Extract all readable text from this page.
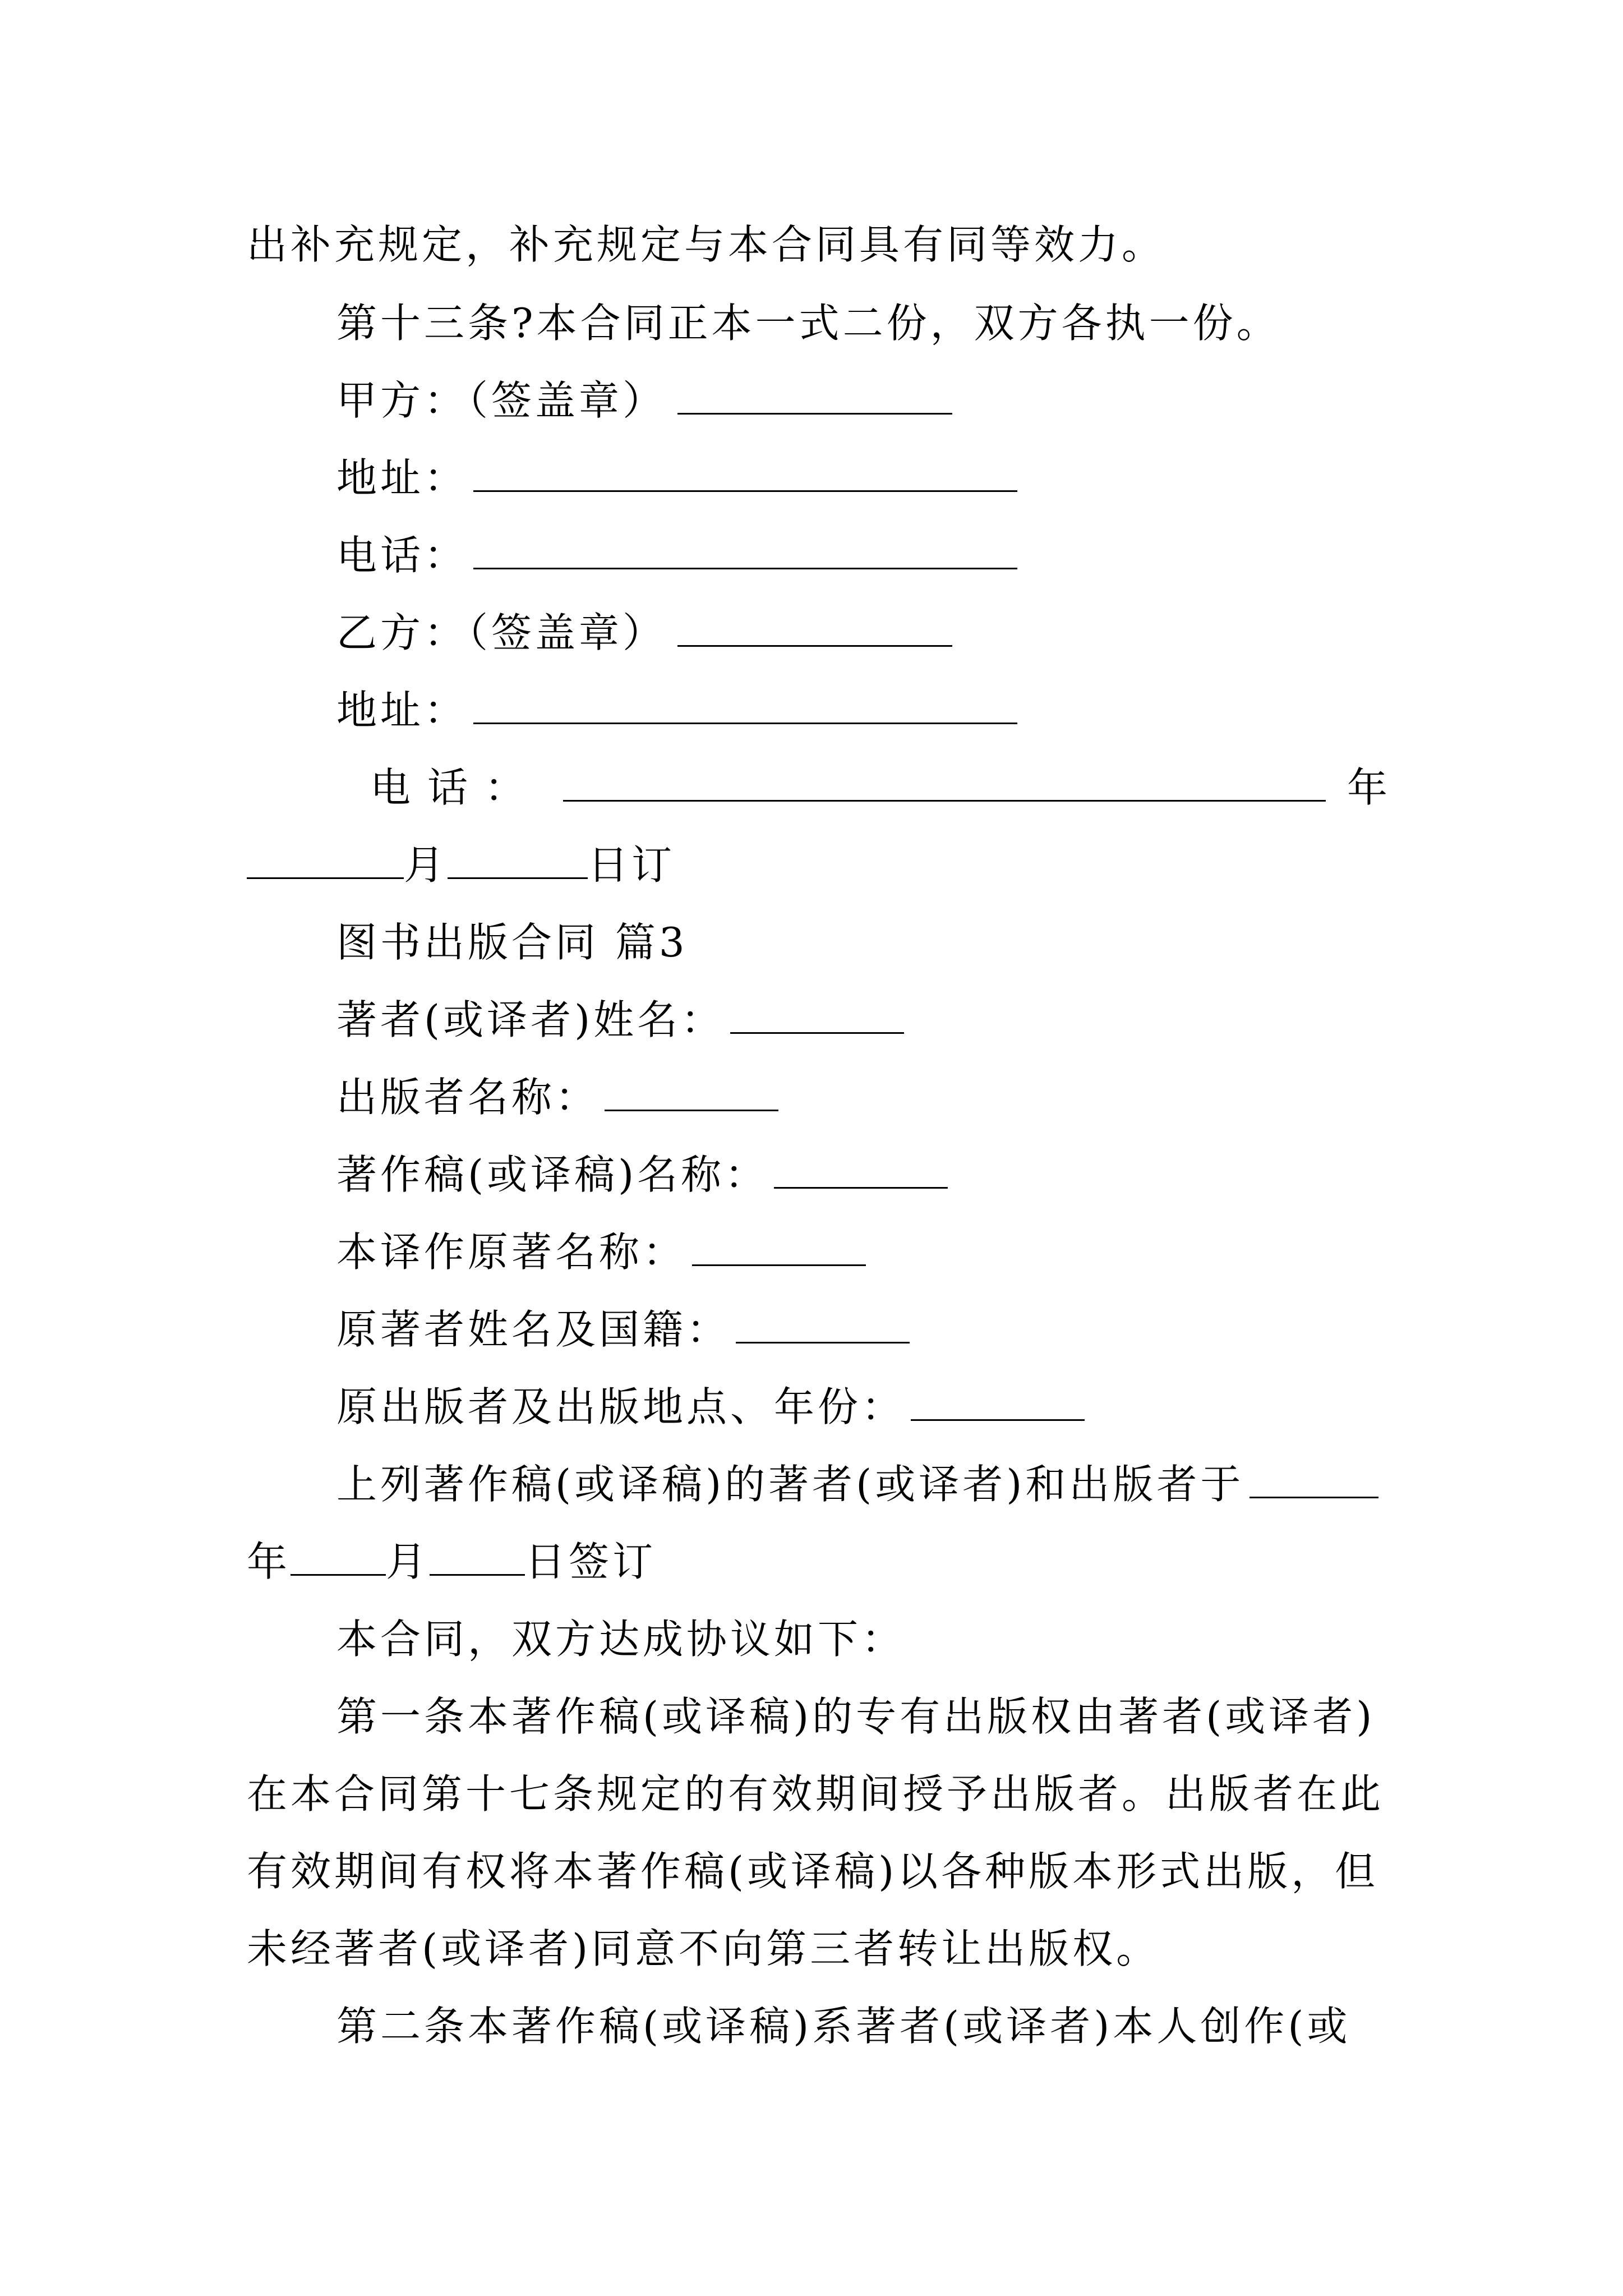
出补充规定，补充规定与本合同具有同等效力。
第十三条?本合同正本一式二份，双方各执一份。
甲方：（签盖章）
地址：
电话：
乙方：（签盖章）
地址：
电话：	年
月	日订
图书出版合同 篇3
著者(或译者)姓名：
出版者名称：
著作稿(或译稿)名称：
本译作原著名称：
原著者姓名及国籍：
原出版者及出版地点、年份：
上列著作稿(或译稿)的著者(或译者)和出版者于
年 月 日签订
本合同，双方达成协议如下：
第一条本著作稿(或译稿)的专有出版权由著者(或译者)
在本合同第十七条规定的有效期间授予出版者。出版者在此
有效期间有权将本著作稿(或译稿)以各种版本形式出版，但
未经著者(或译者)同意不向第三者转让出版权。
第二条本著作稿(或译稿)系著者(或译者)本人创作(或
